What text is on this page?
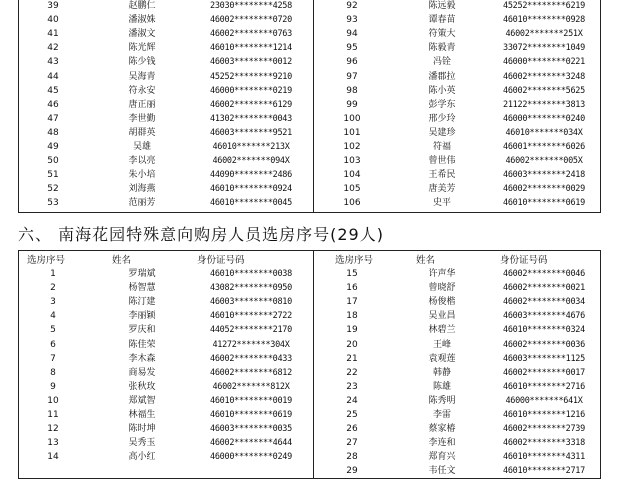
39	赵鹏仁	23030********4258
40	潘淑姝	46002********0720
41	潘淑文	46002********0763
42	陈光辉	46010********1214
43	陈少钱	46003********0012
44	吴海青	45252********9210
45	符永安	46000********0219
46	唐正丽	46002********6129
47	李世勤	41302********0043
48	胡群英	46003********9521
49	吴雄	46010*******213X
50	李以亮	46002*******094X
51	朱小培	44090********2486
52	刘海燕	46010********0924
53	范丽芳	46010********0045
92	陈远毅	45252********6219
93	谭春苗	46010********0928
94	符策大	46002*******251X
95	陈毅青	33072********1049
96	冯铨	46000********0221
97	潘郡拉	46002********3248
98	陈小英	46002********5625
99	彭学东	21122********3813
100	邢少玲	46000********0240
101	吴建珍	46010*******034X
102	符福	46001********6026
103	曾世伟	46002*******005X
104	王希民	46003********2418
105	唐美芳	46002********0029
106	史平	46010********0619
六、 南海花园特殊意向购房人员选房序号(29人)
选房序号	姓名	身份证号码	选房序号	姓名	身份证号码
1	罗瑞斌	46010********0038
2	杨智慧	43082********0950
3	陈汀建	46003********0810
4	李丽颖	46010********2722
5	罗庆和	44052********2170
6	陈佳荣	41272*******304X
7	李木森	46002********0433
8	商易发	46002********6812
9	张秋玫	46002*******812X
10	郑斌智	46010********0019
11	林福生	46010********0619
12	陈时坤	46003********0035
13	吴秀玉	46002********4644
14	高小红	46000********0249
15	许声华	46002********0046
16	曾晓舒	46002********0021
17	杨俊楷	46002********0034
18	吴业昌	46003********4676
19	林碧兰	46010********0324
20	王峰	46002********0036
21	袁观莲	46003********1125
22	韩静	46002********0017
23	陈雄	46010********2716
24	陈秀明	46000*******641X
25	李雷	46010********1216
26	蔡家椿	46002********2739
27	李连和	46002********3318
28	郑育兴	46010********4311
29	韦任文	46010********2717
